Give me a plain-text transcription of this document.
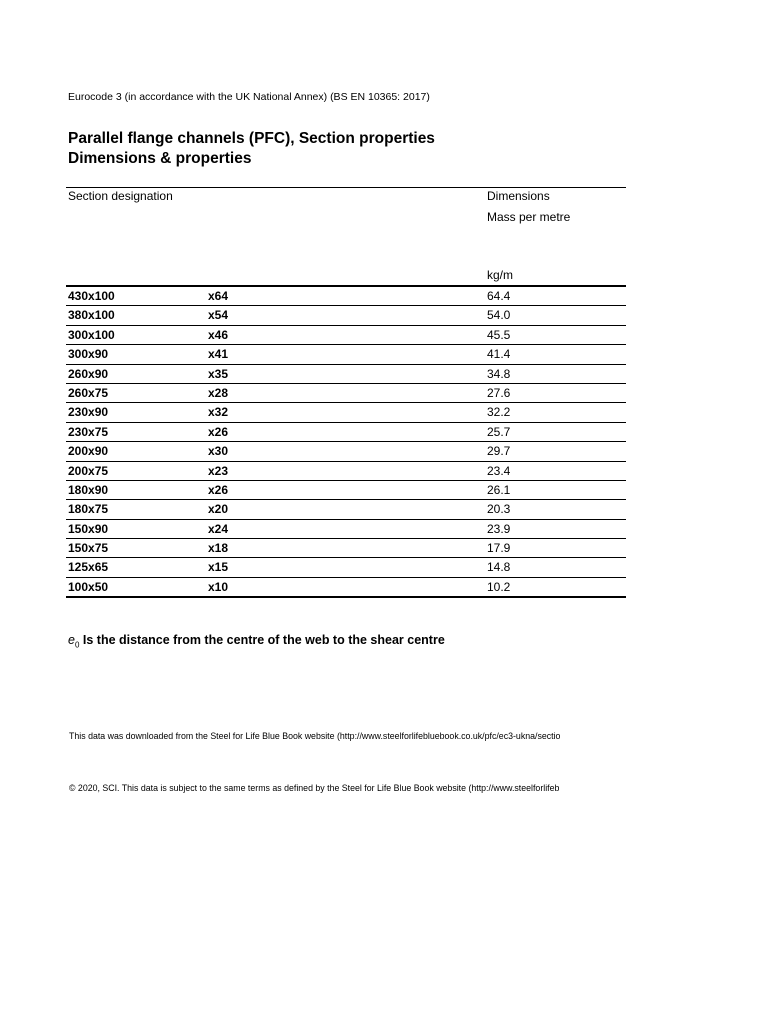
Eurocode 3 (in accordance with the UK National Annex) (BS EN 10365: 2017)
Parallel flange channels (PFC), Section properties
Dimensions & properties
Section designation	Dimensions
Mass per metre
kg/m
430x100	x64	64.4
380x100	x54	54.0
300x100	x46	45.5
300x90	x41	41.4
260x90	x35	34.8
260x75	x28	27.6
230x90	x32	32.2
230x75	x26	25.7
200x90	x30	29.7
200x75	x23	23.4
180x90	x26	26.1
180x75	x20	20.3
150x90	x24	23.9
150x75	x18	17.9
125x65	x15	14.8
100x50	x10	10.2
$e_0$ Is the distance from the centre of the web to the shear centre
This data was downloaded from the Steel for Life Blue Book website (http://www.steelforlifebluebook.co.uk/pfc/ec3-ukna/sectio
© 2020, SCI. This data is subject to the same terms as defined by the Steel for Life Blue Book website (http://www.steelforlifeb
